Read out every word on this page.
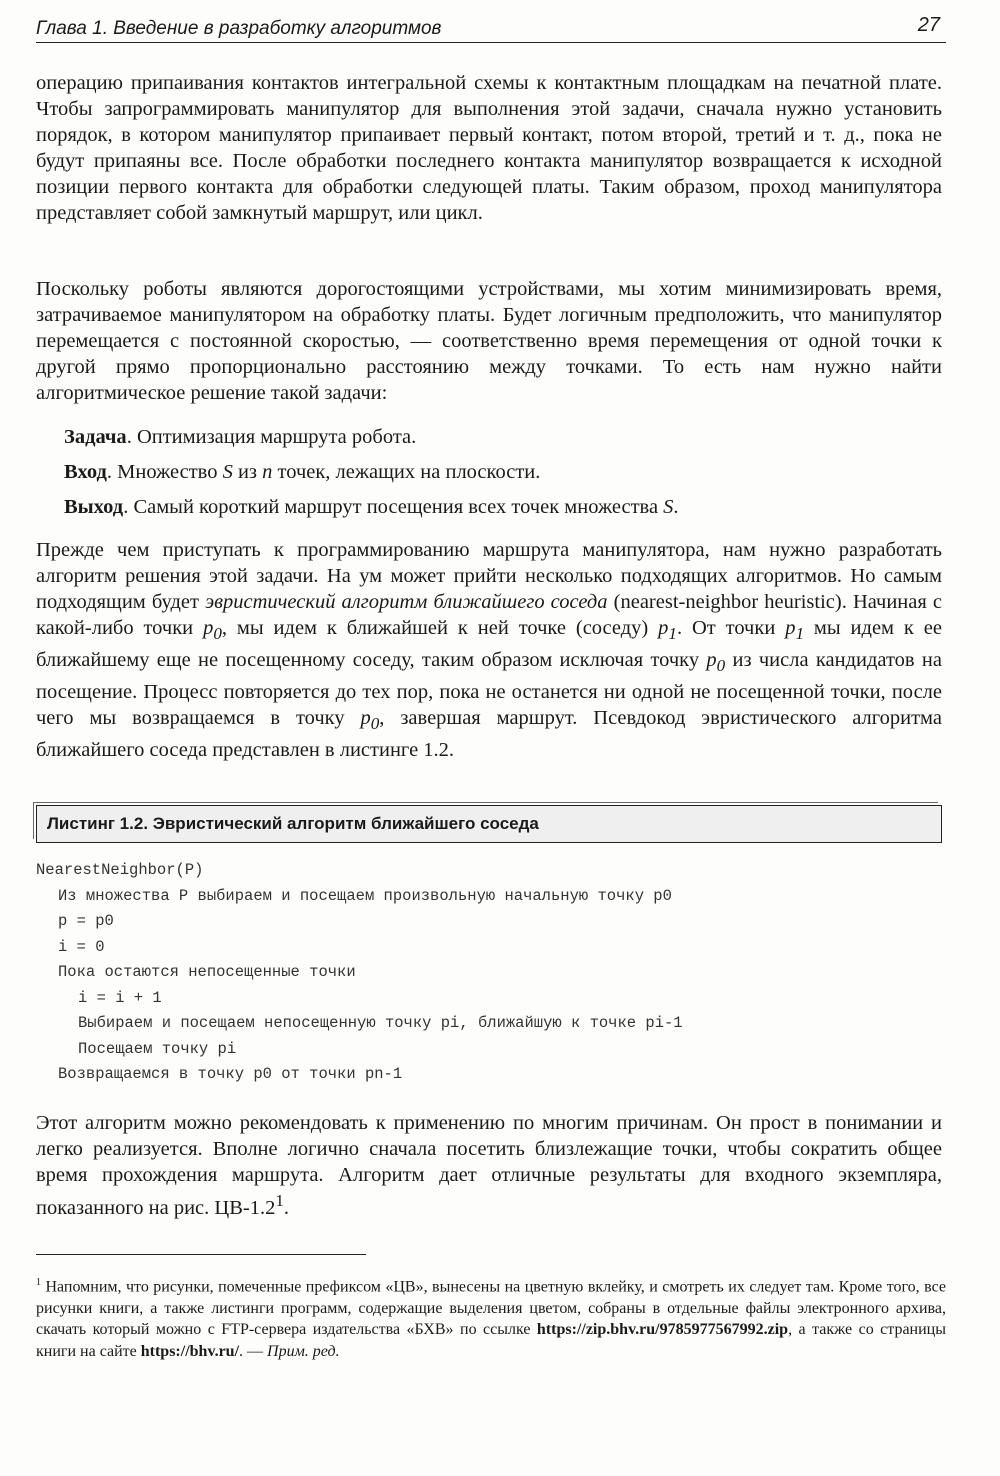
Глава 1. Введение в разработку алгоритмов	27
операцию припаивания контактов интегральной схемы к контактным площадкам на печатной плате. Чтобы запрограммировать манипулятор для выполнения этой задачи, сначала нужно установить порядок, в котором манипулятор припаивает первый контакт, потом второй, третий и т. д., пока не будут припаяны все. После обработки последнего контакта манипулятор возвращается к исходной позиции первого контакта для обработки следующей платы. Таким образом, проход манипулятора представляет собой замкнутый маршрут, или цикл.
Поскольку роботы являются дорогостоящими устройствами, мы хотим минимизировать время, затрачиваемое манипулятором на обработку платы. Будет логичным предположить, что манипулятор перемещается с постоянной скоростью, — соответственно время перемещения от одной точки к другой прямо пропорционально расстоянию между точками. То есть нам нужно найти алгоритмическое решение такой задачи:
Задача. Оптимизация маршрута робота.
Вход. Множество S из n точек, лежащих на плоскости.
Выход. Самый короткий маршрут посещения всех точек множества S.
Прежде чем приступать к программированию маршрута манипулятора, нам нужно разработать алгоритм решения этой задачи. На ум может прийти несколько подходящих алгоритмов. Но самым подходящим будет эвристический алгоритм ближайшего соседа (nearest-neighbor heuristic). Начиная с какой-либо точки $p_0$, мы идем к ближайшей к ней точке (соседу) $p_1$. От точки $p_1$ мы идем к ее ближайшему еще не посещенному соседу, таким образом исключая точку $p_0$ из числа кандидатов на посещение. Процесс повторяется до тех пор, пока не останется ни одной не посещенной точки, после чего мы возвращаемся в точку $p_0$, завершая маршрут. Псевдокод эвристического алгоритма ближайшего соседа представлен в листинге 1.2.
Листинг 1.2. Эвристический алгоритм ближайшего соседа
NearestNeighbor(P)
Из множества P выбираем и посещаем произвольную начальную точку p0
p = p0
i = 0
Пока остаются непосещенные точки
i = i + 1
Выбираем и посещаем непосещенную точку pi, ближайшую к точке pi-1
Посещаем точку pi
Возвращаемся в точку p0 от точки pn-1
Этот алгоритм можно рекомендовать к применению по многим причинам. Он прост в понимании и легко реализуется. Вполне логично сначала посетить близлежащие точки, чтобы сократить общее время прохождения маршрута. Алгоритм дает отличные результаты для входного экземпляра, показанного на рис. $ЦВ-1.2^1$.
$^1$ Напомним, что рисунки, помеченные префиксом «ЦВ», вынесены на цветную вклейку, и смотреть их следует там. Кроме того, все рисунки книги, а также листинги программ, содержащие выделения цветом, собраны в отдельные файлы электронного архива, скачать который можно с FTP-сервера издательства «БХВ» по ссылке https://zip.bhv.ru/9785977567992.zip, а также со страницы книги на сайте https://bhv.ru/. — Прим. ред.
